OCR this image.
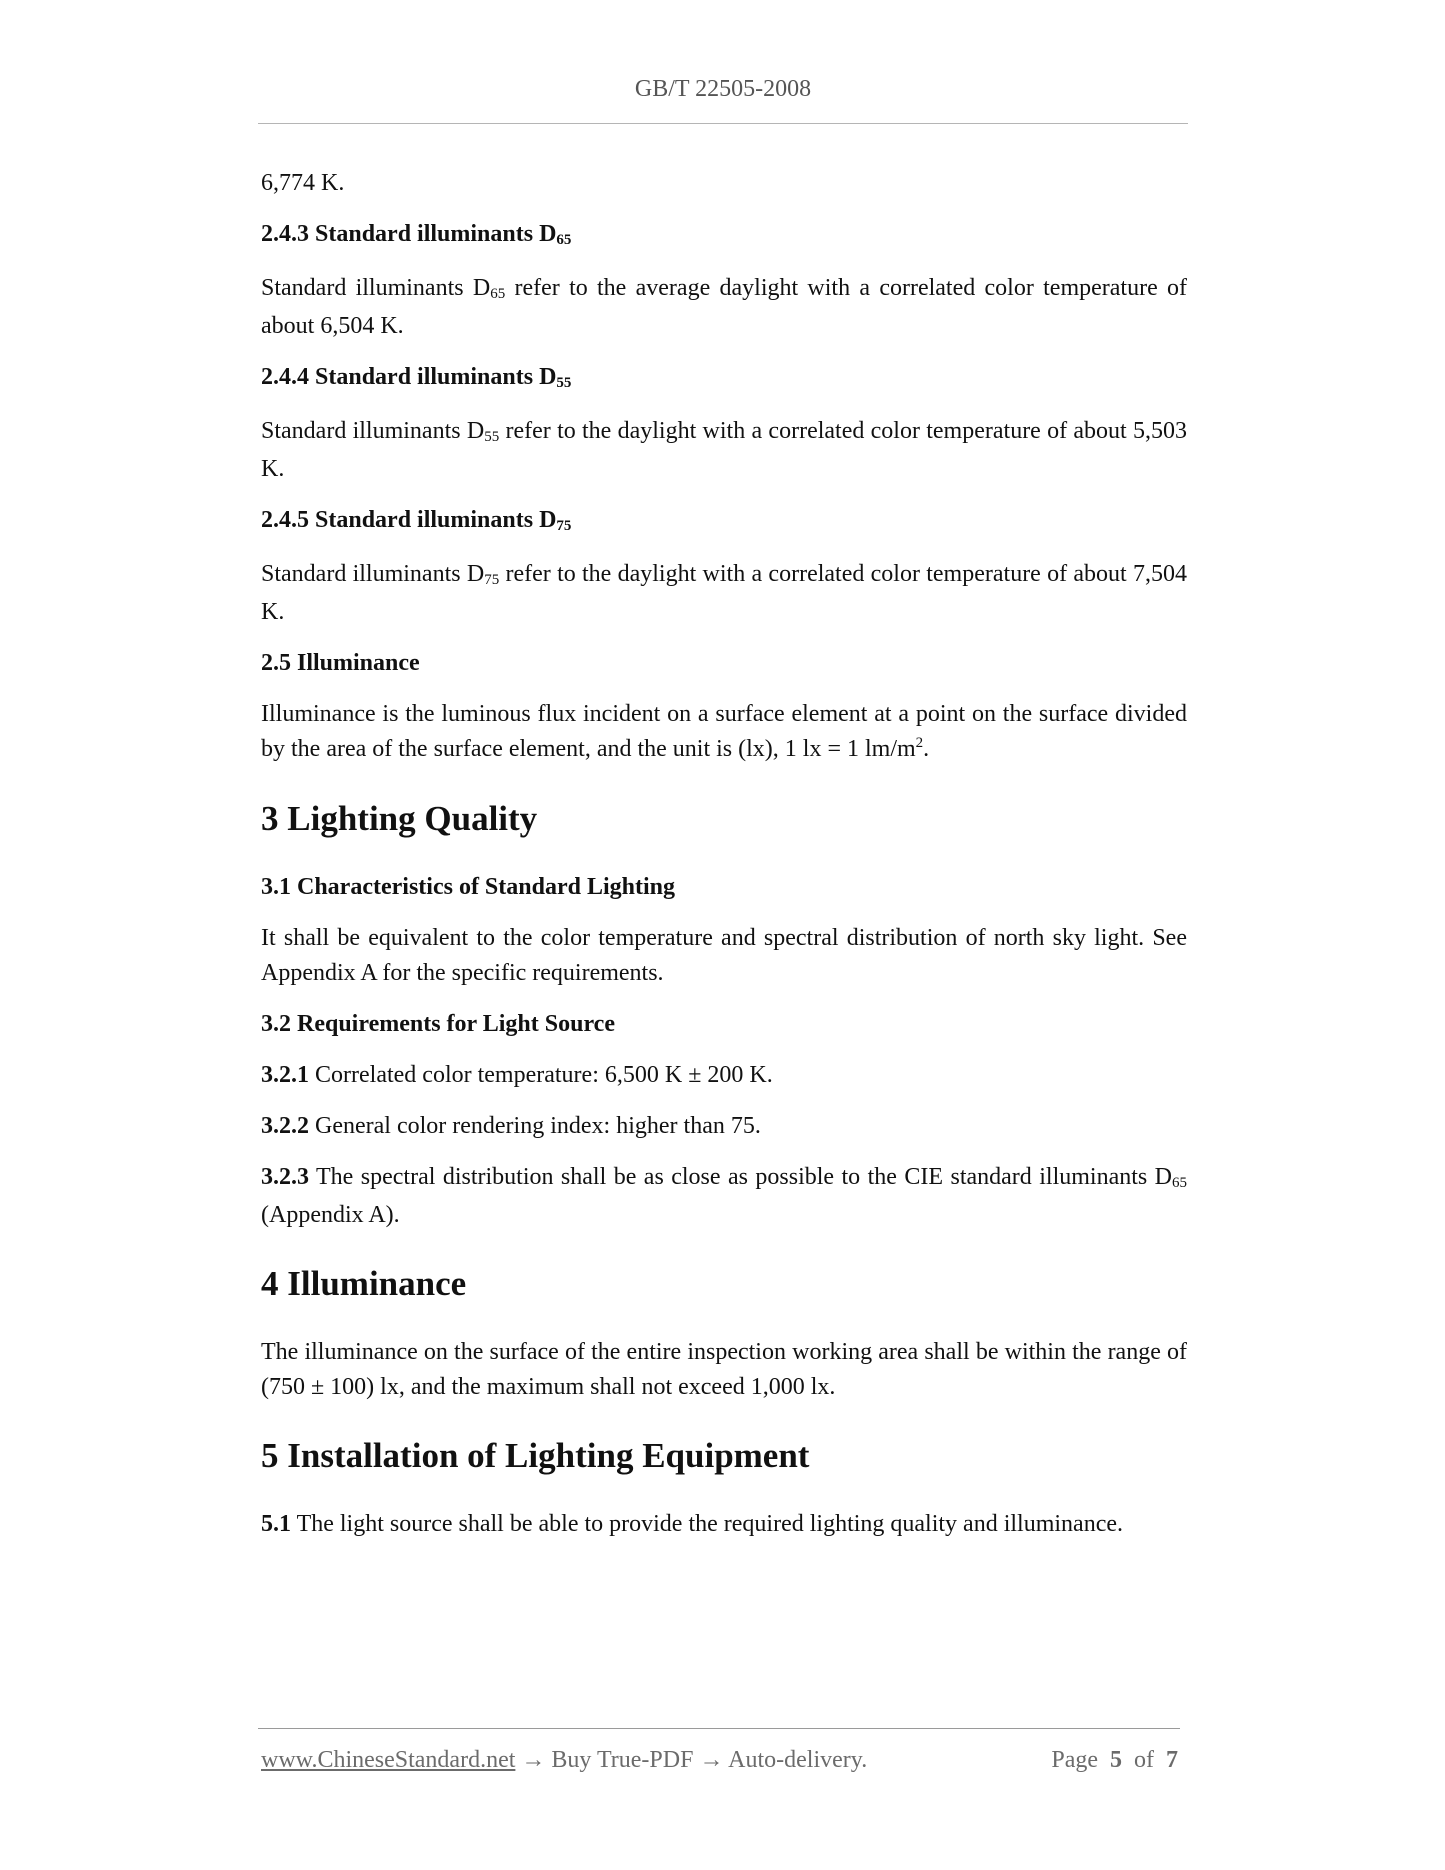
GB/T 22505-2008

6,774 K.

2.4.3 Standard illuminants $D_{65}$

Standard illuminants $D_{65}$ refer to the average daylight with a correlated color temperature of about 6,504 K.

2.4.4 Standard illuminants $D_{55}$

Standard illuminants $D_{55}$ refer to the daylight with a correlated color temperature of about 5,503 K.

2.4.5 Standard illuminants $D_{75}$

Standard illuminants $D_{75}$ refer to the daylight with a correlated color temperature of about 7,504 K.

2.5 Illuminance

Illuminance is the luminous flux incident on a surface element at a point on the surface divided by the area of the surface element, and the unit is (lx), 1 lx = 1 $lm/m^2$.

3 Lighting Quality
3.1 Characteristics of Standard Lighting

It shall be equivalent to the color temperature and spectral distribution of north sky light. See Appendix A for the specific requirements.

3.2 Requirements for Light Source

3.2.1 Correlated color temperature: 6,500 K ± 200 K.

3.2.2 General color rendering index: higher than 75.

3.2.3 The spectral distribution shall be as close as possible to the CIE standard illuminants $D_{65}$ (Appendix A).

4 Illuminance

The illuminance on the surface of the entire inspection working area shall be within the range of (750 ± 100) lx, and the maximum shall not exceed 1,000 lx.

5 Installation of Lighting Equipment

5.1 The light source shall be able to provide the required lighting quality and illuminance.

www.ChineseStandard.net → Buy True-PDF → Auto-delivery.	Page 5 of 7
